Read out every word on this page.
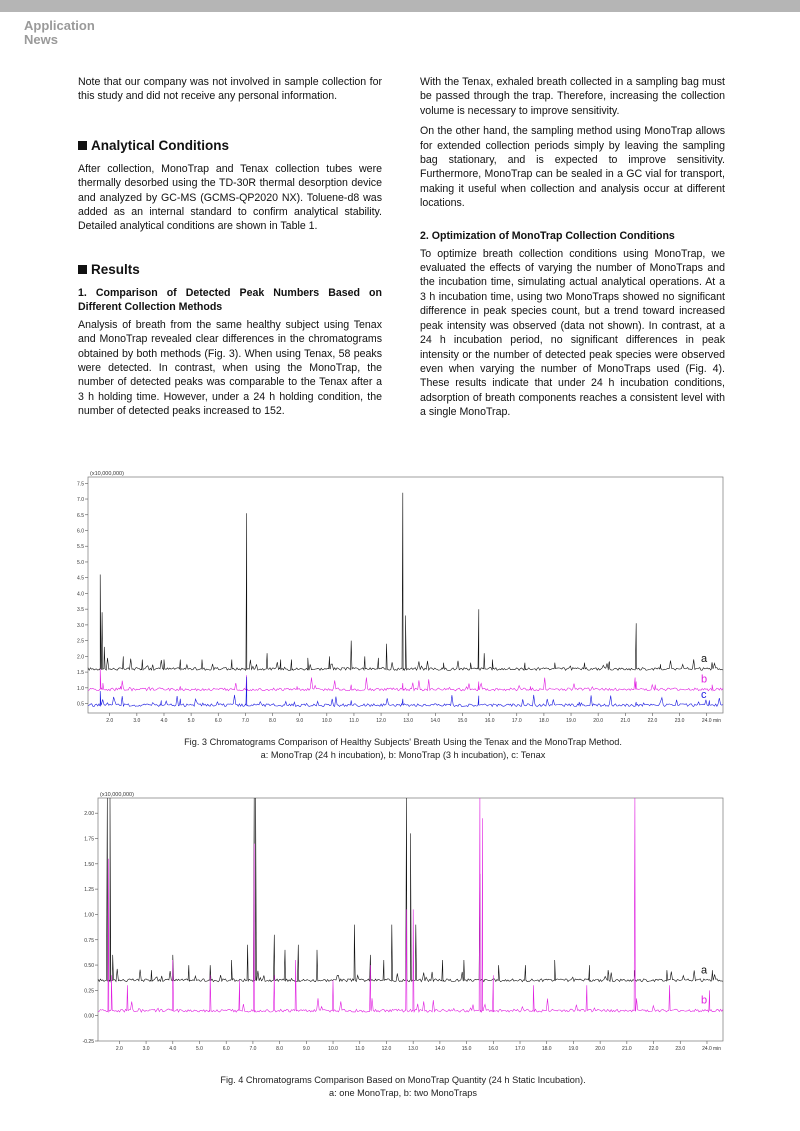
Application
News

Note that our company was not involved in sample collection for this study and did not receive any personal information.

Analytical Conditions

After collection, MonoTrap and Tenax collection tubes were thermally desorbed using the TD-30R thermal desorption device and analyzed by GC-MS (GCMS-QP2020 NX). Toluene-d8 was added as an internal standard to confirm analytical stability. Detailed analytical conditions are shown in Table 1.

Results
1. Comparison of Detected Peak Numbers Based on Different Collection Methods

Analysis of breath from the same healthy subject using Tenax and MonoTrap revealed clear differences in the chromatograms obtained by both methods (Fig. 3). When using Tenax, 58 peaks were detected. In contrast, when using the MonoTrap, the number of detected peaks was comparable to the Tenax after a 3 h holding time. However, under a 24 h holding condition, the number of detected peaks increased to 152.

With the Tenax, exhaled breath collected in a sampling bag must be passed through the trap. Therefore, increasing the collection volume is necessary to improve sensitivity.

On the other hand, the sampling method using MonoTrap allows for extended collection periods simply by leaving the sampling bag stationary, and is expected to improve sensitivity. Furthermore, MonoTrap can be sealed in a GC vial for transport, making it useful when collection and analysis occur at different locations.

2. Optimization of MonoTrap Collection Conditions

To optimize breath collection conditions using MonoTrap, we evaluated the effects of varying the number of MonoTraps and the incubation time, simulating actual analytical operations. At a 3 h incubation time, using two MonoTraps showed no significant difference in peak species count, but a trend toward increased peak intensity was observed (data not shown). In contrast, at a 24 h incubation period, no significant differences in peak intensity or the number of detected peak species were observed even when varying the number of MonoTraps used (Fig. 4). These results indicate that under 24 h incubation conditions, adsorption of breath components reaches a consistent level with a single MonoTrap.

(x10,000,000)
0.5
1.0
1.5
2.0
2.5
3.0
3.5
4.0
4.5
5.0
5.5
6.0
6.5
7.0
7.5
2.0	3.0	4.0	5.0	6.0	7.0	8.0	9.0	10.0	11.0	12.0	13.0	14.0	15.0	16.0	17.0	18.0	19.0	20.0	21.0	22.0	23.0	24.0 min
a
b
c
Fig. 3 Chromatograms Comparison of Healthy Subjects' Breath Using the Tenax and the MonoTrap Method.
a: MonoTrap (24 h incubation), b: MonoTrap (3 h incubation), c: Tenax
(x10,000,000)
-0.25
0.00
0.25
0.50
0.75
1.00
1.25
1.50
1.75
2.00
2.0	3.0	4.0	5.0	6.0	7.0	8.0	9.0	10.0	11.0	12.0	13.0	14.0	15.0	16.0	17.0	18.0	19.0	20.0	21.0	22.0	23.0	24.0 min
a
b
Fig. 4 Chromatograms Comparison Based on MonoTrap Quantity (24 h Static Incubation).
a: one MonoTrap, b: two MonoTraps
